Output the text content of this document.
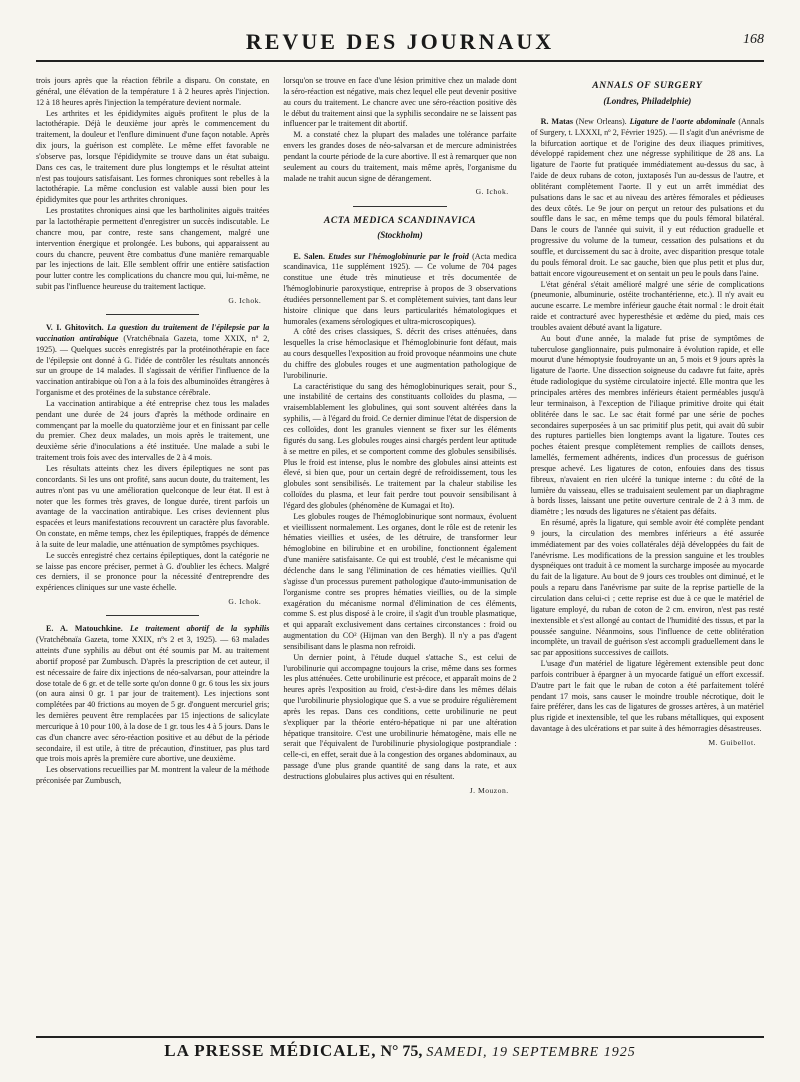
REVUE DES JOURNAUX	168

trois jours après que la réaction fébrile a disparu. On constate, en général, une élévation de la température 1 à 2 heures après l'injection. 12 à 18 heures après l'injection la température devient normale.

Les arthrites et les épididymites aiguës profitent le plus de la lactothérapie. Déjà le deuxième jour après le commencement du traitement, la douleur et l'enflure diminuent d'une façon notable. Après dix jours, la guérison est complète. Le même effet favorable ne s'observe pas, lorsque l'épididymite se trouve dans un état subaigu. Dans ces cas, le traitement dure plus longtemps et le résultat atteint n'est pas toujours satisfaisant. Les formes chroniques sont rebelles à la lactothérapie. La même conclusion est valable aussi bien pour les épididymites que pour les arthrites chroniques.

Les prostatites chroniques ainsi que les bartholinites aiguës traitées par la lactothérapie permettent d'enregistrer un succès indiscutable. Le chancre mou, par contre, reste sans changement, malgré une intervention énergique et prolongée. Les bubons, qui apparaissent au cours du chancre, peuvent être combattus d'une manière remarquable par les injections de lait. Elle semblent offrir une entière satisfaction pour lutter contre les complications du chancre mou qui, lui-même, ne subit pas l'influence heureuse du traitement lactique.

G. Ichok.

V. I. Ghitovitch. La question du traitement de l'épilepsie par la vaccination antirabique (Vratchébnaïa Gazeta, tome XXIX, nº 2, 1925). — Quelques succès enregistrés par la protéinothérapie en face de l'épilepsie ont donné à G. l'idée de contrôler les résultats annoncés sur un groupe de 14 malades. Il s'agissait de vérifier l'influence de la vaccination antirabique où l'on a à la fois des albuminoïdes étrangères à l'organisme et des protéines de la substance cérébrale.

La vaccination antirabique a été entreprise chez tous les malades pendant une durée de 24 jours d'après la méthode ordinaire en commençant par la moelle du quatorzième jour et en finissant par celle du premier. Chez deux malades, un mois après le traitement, une deuxième série d'inoculations a été instituée. Une malade a subi le traitement trois fois avec des intervalles de 2 à 4 mois.

Les résultats atteints chez les divers épileptiques ne sont pas concordants. Si les uns ont profité, sans aucun doute, du traitement, les autres n'ont pas vu une amélioration quelconque de leur état. Il est à noter que les formes très graves, de longue durée, tirent parfois un avantage de la vaccination antirabique. Les crises deviennent plus espacées et leurs manifestations recouvrent un caractère plus favorable. On constate, en même temps, chez les épileptiques, frappés de démence à la suite de leur maladie, une atténuation de symptômes psychiques.

Le succès enregistré chez certains épileptiques, dont la catégorie ne se laisse pas encore préciser, permet à G. d'oublier les échecs. Malgré ces derniers, il se prononce pour la nécessité d'entreprendre des expériences cliniques sur une vaste échelle.

G. Ichok.

E. A. Matouchkine. Le traitement abortif de la syphilis (Vratchébnaïa Gazeta, tome XXIX, nºs 2 et 3, 1925). — 63 malades atteints d'une syphilis au début ont été soumis par M. au traitement abortif proposé par Zumbusch. D'après la prescription de cet auteur, il est nécessaire de faire dix injections de néo-salvarsan, pour atteindre la dose totale de 6 gr. et de telle sorte qu'on donne 0 gr. 6 tous les six jours (on aura ainsi 0 gr. 1 par jour de traitement). Les injections sont complétées par 40 frictions au moyen de 5 gr. d'onguent mercuriel gris; les dernières peuvent être remplacées par 15 injections de salicylate mercurique à 10 pour 100, à la dose de 1 gr. tous les 4 à 5 jours. Dans le cas d'un chancre avec séro-réaction positive et au début de la période secondaire, il est utile, à titre de précaution, d'instituer, pas plus tard que trois mois après la première cure abortive, une deuxième.

Les observations recueillies par M. montrent la valeur de la méthode préconisée par Zumbusch,

lorsqu'on se trouve en face d'une lésion primitive chez un malade dont la séro-réaction est négative, mais chez lequel elle peut devenir positive au cours du traitement. Le chancre avec une séro-réaction positive dès le début du traitement ainsi que la syphilis secondaire ne se laissent pas influencer par le traitement dit abortif.

M. a constaté chez la plupart des malades une tolérance parfaite envers les grandes doses de néo-salvarsan et de mercure administrées pendant la courte période de la cure abortive. Il est à remarquer que non seulement au cours du traitement, mais même après, l'organisme du malade ne trahit aucun signe de dérangement.

G. Ichok.
ACTA MEDICA SCANDINAVICA
(Stockholm)

E. Salen. Etudes sur l'hémoglobinurie par le froid (Acta medica scandinavica, 11e supplément 1925). — Ce volume de 704 pages constitue une étude très minutieuse et très documentée de l'hémoglobinurie paroxystique, entreprise à propos de 3 observations étudiées personnellement par S. et complètement suivies, tant dans leur histoire clinique que dans leurs particularités hématologiques et humorales (examens sérologiques et ultra-microscopiques).

A côté des crises classiques, S. décrit des crises atténuées, dans lesquelles la crise hémoclasique et l'hémoglobinurie font défaut, mais au cours desquelles l'exposition au froid provoque néanmoins une chute du chiffre des globules rouges et une augmentation pathologique de l'urobilinurie.

La caractéristique du sang des hémoglobinuriques serait, pour S., une instabilité de certains des constituants colloïdes du plasma, — vraisemblablement les globulines, qui sont souvent altérées dans la syphilis, — à l'égard du froid. Ce dernier diminue l'état de dispersion de ces colloïdes, dont les granules viennent se fixer sur les éléments figurés du sang. Les globules rouges ainsi chargés perdent leur aptitude à se mettre en piles, et se comportent comme des globules sensibilisés. Plus le froid est intense, plus le nombre des globules ainsi atteints est élevé, si bien que, pour un certain degré de refroidissement, tous les globules sont sensibilisés. Le traitement par la chaleur stabilise les colloïdes du plasma, et leur fait perdre tout pouvoir sensibilisant à l'égard des globules (phénomène de Kumagai et Ito).

Les globules rouges de l'hémoglobinurique sont normaux, évoluent et vieillissent normalement. Les organes, dont le rôle est de retenir les hématies vieillies et usées, de les détruire, de transformer leur hémoglobine en bilirubine et en urobiline, fonctionnent également d'une manière satisfaisante. Ce qui est troublé, c'est le mécanisme qui déclenche dans le sang l'élimination de ces hématies vieillies. Qu'il s'agisse d'un processus purement pathologique d'auto-immunisation de l'organisme contre ses propres hématies vieillies, ou de la simple exagération du mécanisme normal d'élimination de ces éléments, comme S. est plus disposé à le croire, il s'agit d'un trouble plasmatique, et qui apparaît exclusivement dans certaines circonstances : froid ou augmentation du CO² (Hijman van den Bergh). Il n'y a pas d'agent sensibilisant dans le plasma non refroidi.

Un dernier point, à l'étude duquel s'attache S., est celui de l'urobilinurie qui accompagne toujours la crise, même dans ses formes les plus atténuées. Cette urobilinurie est précoce, et apparaît moins de 2 heures après l'exposition au froid, c'est-à-dire dans les mêmes délais que l'urobilinurie physiologique que S. a vue se produire régulièrement après les repas. Dans ces conditions, cette urobilinurie ne peut s'expliquer par la théorie entéro-hépatique ni par une altération hépatique transitoire. C'est une urobilinurie hématogène, mais elle ne serait que l'équivalent de l'urobilinurie physiologique postprandiale : celle-ci, en effet, serait due à la congestion des organes abdominaux, au passage d'une plus grande quantité de sang dans la rate, et aux destructions globulaires plus actives qui en résultent.

J. Mouzon.
ANNALS OF SURGERY
(Londres, Philadelphie)

R. Matas (New Orleans). Ligature de l'aorte abdominale (Annals of Surgery, t. LXXXI, nº 2, Février 1925). — Il s'agit d'un anévrisme de la bifurcation aortique et de l'origine des deux iliaques primitives, développé rapidement chez une négresse syphilitique de 28 ans. La ligature de l'aorte fut pratiquée immédiatement au-dessus du sac, à l'aide de deux rubans de coton, juxtaposés l'un au-dessus de l'autre, et oblitérant complètement l'aorte. Il y eut un arrêt immédiat des pulsations dans le sac et au niveau des artères fémorales et pédieuses des deux côtés. Le 9e jour on perçut un retour des pulsations et du souffle dans le sac, en même temps que du pouls fémoral bilatéral. Dans le cours de l'année qui suivit, il y eut réduction graduelle et progressive du volume de la tumeur, cessation des pulsations et du souffle, et durcissement du sac à droite, avec disparition presque totale du pouls fémoral droit. Le sac gauche, bien que plus petit et plus dur, battait encore vigoureusement et on sentait un peu le pouls dans l'aine.

L'état général s'était amélioré malgré une série de complications (pneumonie, albuminurie, ostéite trochantérienne, etc.). Il n'y avait eu aucune escarre. Le membre inférieur gauche était normal : le droit était raide et contracturé avec hyperesthésie et œdème du pied, mais ces troubles avaient débuté avant la ligature.

Au bout d'une année, la malade fut prise de symptômes de tuberculose ganglionnaire, puis pulmonaire à évolution rapide, et elle mourut d'une hémoptysie foudroyante un an, 5 mois et 9 jours après la ligature de l'aorte. Une dissection soigneuse du cadavre fut faite, après étude radiologique du système circulatoire injecté. Elle montra que les principales artères des membres inférieurs étaient perméables jusqu'à leur terminaison, à l'exception de l'iliaque primitive droite qui était oblitérée dans le sac. Le sac était formé par une série de poches secondaires superposées à un sac primitif plus petit, qui avait dû subir des ruptures partielles bien longtemps avant la ligature. Toutes ces poches étaient presque complètement remplies de caillots denses, lamellés, fermement adhérents, indices d'un processus de guérison presque achevé. Les ligatures de coton, enfouies dans des tissus fibreux, n'avaient en rien ulcéré la tunique interne : du côté de la lumière du vaisseau, elles se traduisaient seulement par un diaphragme à bords lisses, laissant une petite ouverture centrale de 2 à 3 mm. de diamètre ; les nœuds des ligatures ne s'étaient pas défaits.

En résumé, après la ligature, qui semble avoir été complète pendant 9 jours, la circulation des membres inférieurs a été assurée immédiatement par des voies collatérales déjà développées du fait de l'anévrisme. Les modifications de la pression sanguine et les troubles dyspnéiques ont traduit à ce moment la surcharge imposée au myocarde du fait de la ligature. Au bout de 9 jours ces troubles ont diminué, et le pouls a reparu dans l'anévrisme par suite de la reprise partielle de la circulation dans celui-ci ; cette reprise est due à ce que le matériel de ligature employé, du ruban de coton de 2 cm. environ, n'est pas resté inextensible et s'est allongé au contact de l'humidité des tissus, et par la poussée sanguine. Néanmoins, sous l'influence de cette oblitération incomplète, un travail de guérison s'est accompli graduellement dans le sac par appositions successives de caillots.

L'usage d'un matériel de ligature légèrement extensible peut donc parfois contribuer à épargner à un myocarde fatigué un effort excessif. D'autre part le fait que le ruban de coton a été parfaitement toléré pendant 17 mois, sans causer le moindre trouble nécrotique, doit le faire préférer, dans les cas de ligatures de grosses artères, à un matériel plus rigide et inextensible, tel que les rubans métalliques, qui exposent davantage à des ulcérations et par suite à des hémorragies désastreuses.

M. Guibellot.
LA PRESSE MÉDICALE, N° 75, SAMEDI, 19 SEPTEMBRE 1925
